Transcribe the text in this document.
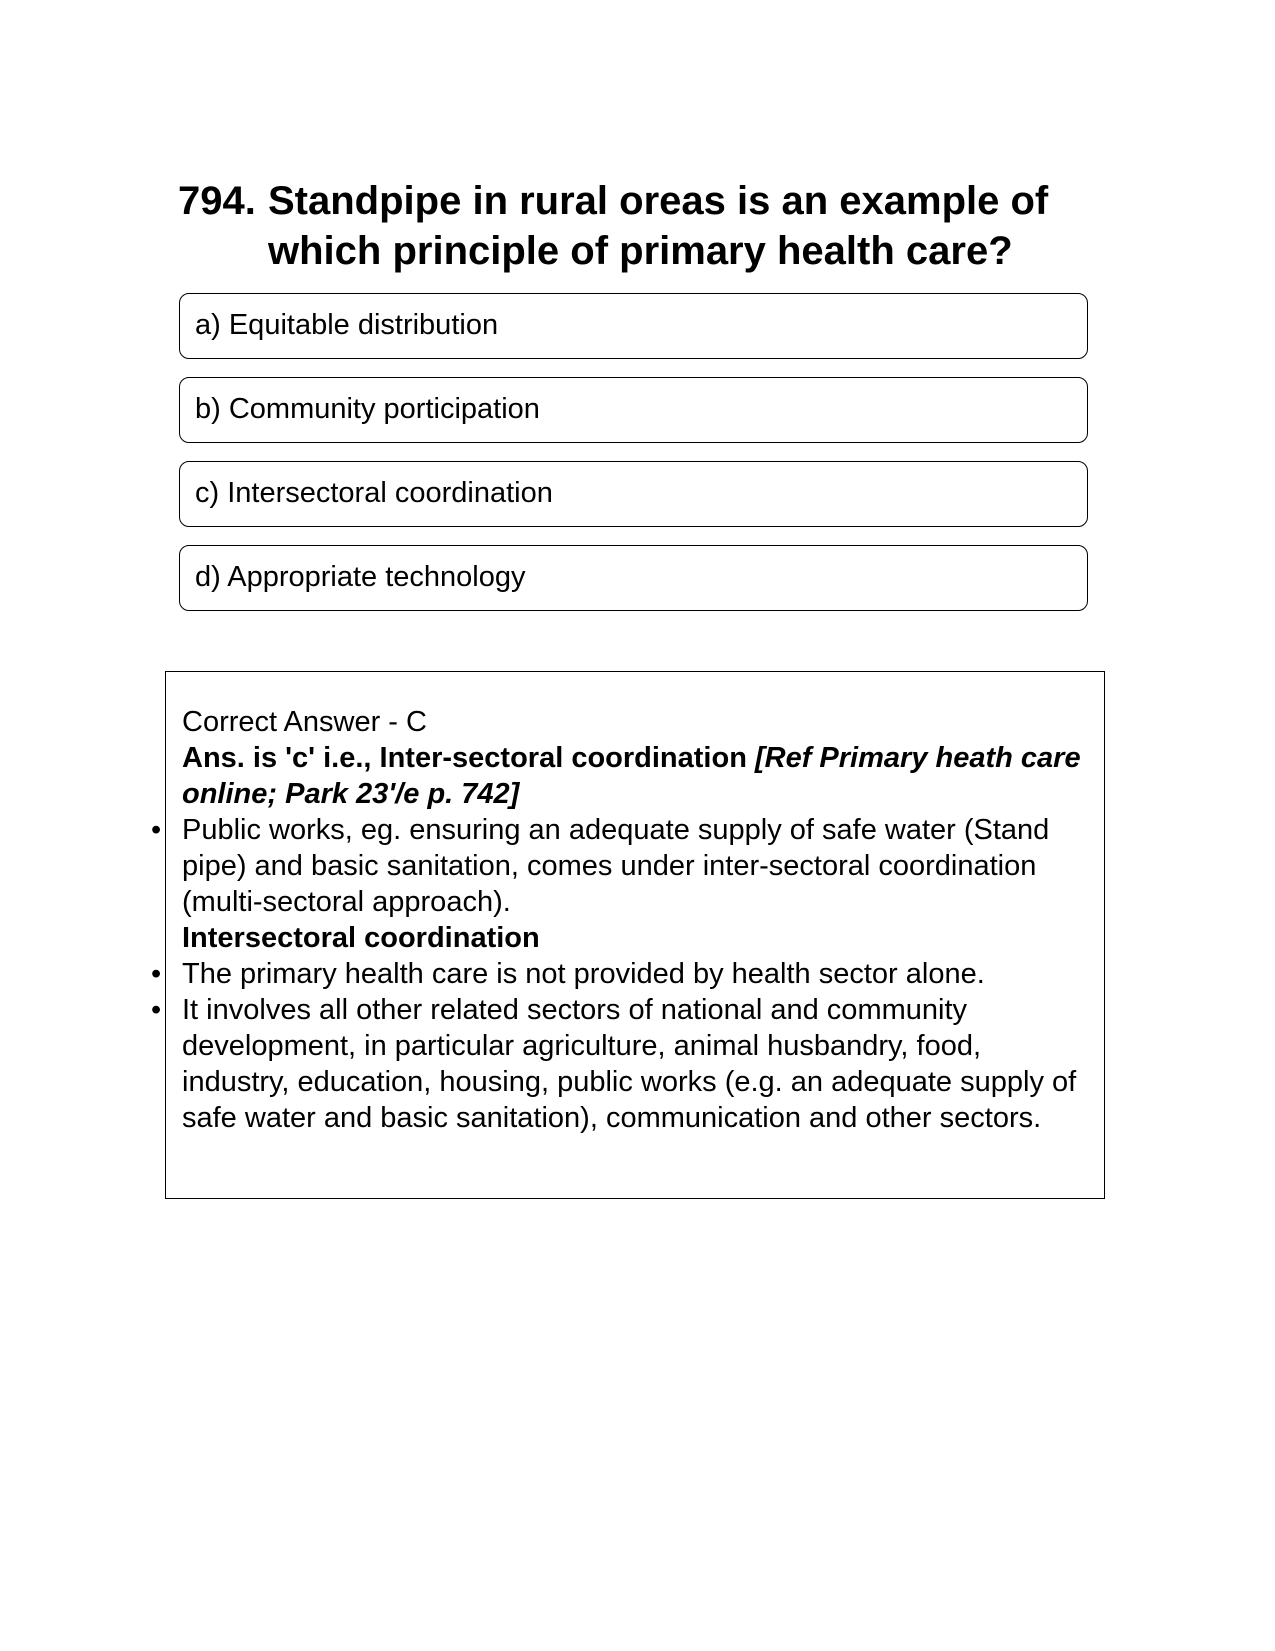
794. Standpipe in rural oreas is an example of which principle of primary health care?
a) Equitable distribution
b) Community porticipation
c) Intersectoral coordination
d) Appropriate technology

Correct Answer - C

Ans. is 'c' i.e., Inter-sectoral coordination [Ref Primary heath care online; Park 23'/e p. 742]

• Public works, eg. ensuring an adequate supply of safe water (Stand pipe) and basic sanitation, comes under inter-sectoral coordination (multi-sectoral approach).

Intersectoral coordination

• The primary health care is not provided by health sector alone.

• It involves all other related sectors of national and community development, in particular agriculture, animal husbandry, food, industry, education, housing, public works (e.g. an adequate supply of safe water and basic sanitation), communication and other sectors.
